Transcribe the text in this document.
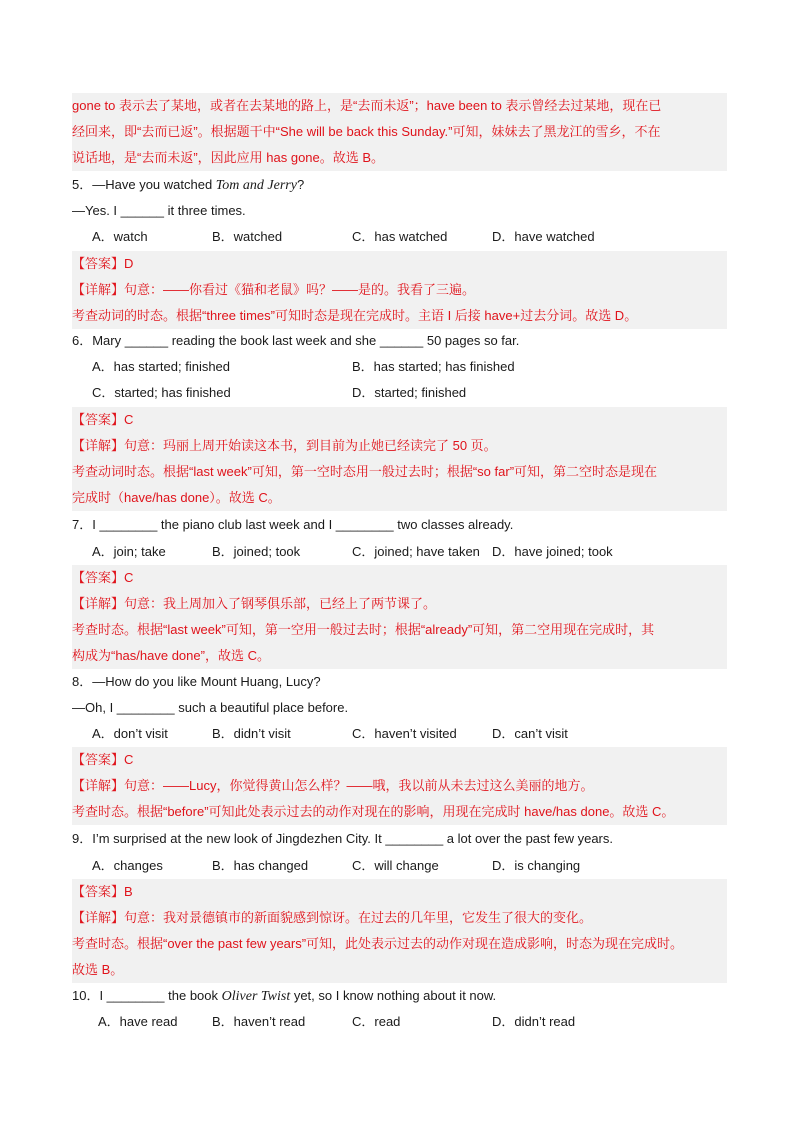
gone to 表示去了某地，或者在去某地的路上，是“去而未返”；have been to 表示曾经去过某地，现在已
经回来，即“去而已返”。根据题干中“She will be back this Sunday.”可知，妹妹去了黑龙江的雪乡，不在
说话地，是“去而未返”，因此应用 has gone。故选 B。
5．—Have you watched Tom and Jerry?
—Yes. I ______ it three times.
A．watch	B．watched	C．has watched	D．have watched
【答案】D
【详解】句意：——你看过《猫和老鼠》吗？——是的。我看了三遍。
考查动词的时态。根据“three times”可知时态是现在完成时。主语 I 后接 have+过去分词。故选 D。
6．Mary ______ reading the book last week and she ______ 50 pages so far.
A．has started; finished	B．has started; has finished
C．started; has finished	D．started; finished
【答案】C
【详解】句意：玛丽上周开始读这本书，到目前为止她已经读完了 50 页。
考查动词时态。根据“last week”可知，第一空时态用一般过去时；根据“so far”可知，第二空时态是现在
完成时（have/has done）。故选 C。
7．I ________ the piano club last week and I ________ two classes already.
A．join; take	B．joined; took	C．joined; have taken D．have joined; took
【答案】C
【详解】句意：我上周加入了钢琴俱乐部，已经上了两节课了。
考查时态。根据“last week”可知，第一空用一般过去时；根据“already”可知，第二空用现在完成时，其
构成为“has/have done”，故选 C。
8．—How do you like Mount Huang, Lucy?
—Oh, I ________ such a beautiful place before.
A．don’t visit	B．didn’t visit	C．haven’t visited	D．can’t visit
【答案】C
【详解】句意：——Lucy，你觉得黄山怎么样？——哦，我以前从未去过这么美丽的地方。
考查时态。根据“before”可知此处表示过去的动作对现在的影响，用现在完成时 have/has done。故选 C。
9．I’m surprised at the new look of Jingdezhen City. It ________ a lot over the past few years.
A．changes	B．has changed	C．will change	D．is changing
【答案】B
【详解】句意：我对景德镇市的新面貌感到惊讶。在过去的几年里，它发生了很大的变化。
考查时态。根据“over the past few years”可知，此处表示过去的动作对现在造成影响，时态为现在完成时。
故选 B。
10．I ________ the book Oliver Twist yet, so I know nothing about it now.
A．have read	B．haven’t read	C．read	D．didn’t read
